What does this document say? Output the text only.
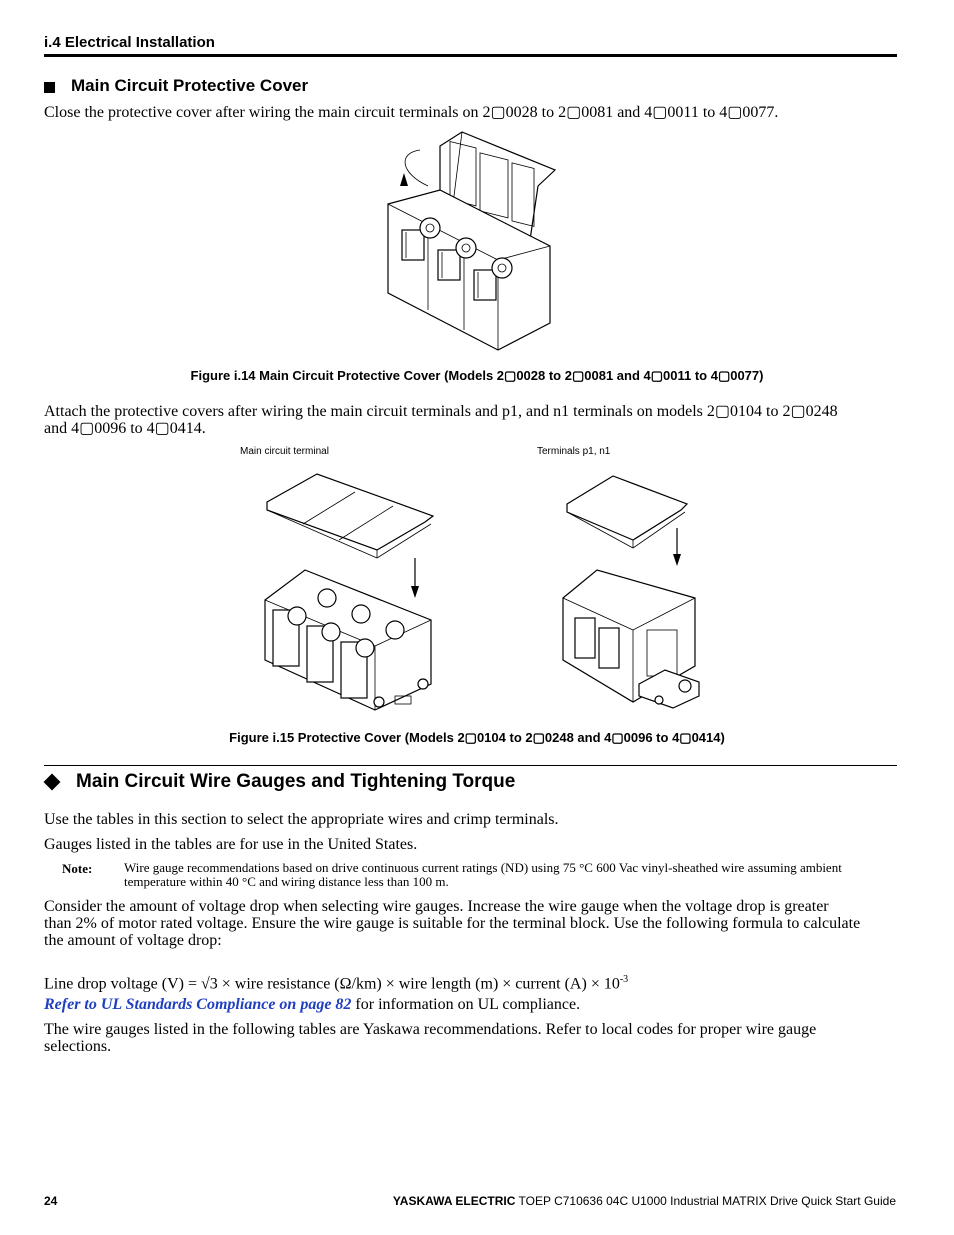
i.4 Electrical Installation
Main Circuit Protective Cover
Close the protective cover after wiring the main circuit terminals on 2▢0028 to 2▢0081 and 4▢0011 to 4▢0077.
Figure i.14 Main Circuit Protective Cover (Models 2▢0028 to 2▢0081 and 4▢0011 to 4▢0077)
Attach the protective covers after wiring the main circuit terminals and p1, and n1 terminals on models 2▢0104 to 2▢0248
and 4▢0096 to 4▢0414.
Main circuit terminal	Terminals p1, n1
Figure i.15 Protective Cover (Models 2▢0104 to 2▢0248 and 4▢0096 to 4▢0414)
Main Circuit Wire Gauges and Tightening Torque
Use the tables in this section to select the appropriate wires and crimp terminals.
Gauges listed in the tables are for use in the United States.
Note: Wire gauge recommendations based on drive continuous current ratings (ND) using 75 °C 600 Vac vinyl-sheathed wire assuming ambient
temperature within 40 °C and wiring distance less than 100 m.
Consider the amount of voltage drop when selecting wire gauges. Increase the wire gauge when the voltage drop is greater
than 2% of motor rated voltage. Ensure the wire gauge is suitable for the terminal block. Use the following formula to calculate
the amount of voltage drop:
Line drop voltage (V) = √3 × wire resistance (Ω/km) × wire length (m) × current $(A) \times 10^{-3}$
Refer to UL Standards Compliance on page 82 for information on UL compliance.
The wire gauges listed in the following tables are Yaskawa recommendations. Refer to local codes for proper wire gauge
selections.
24	YASKAWA ELECTRIC TOEP C710636 04C U1000 Industrial MATRIX Drive Quick Start Guide
